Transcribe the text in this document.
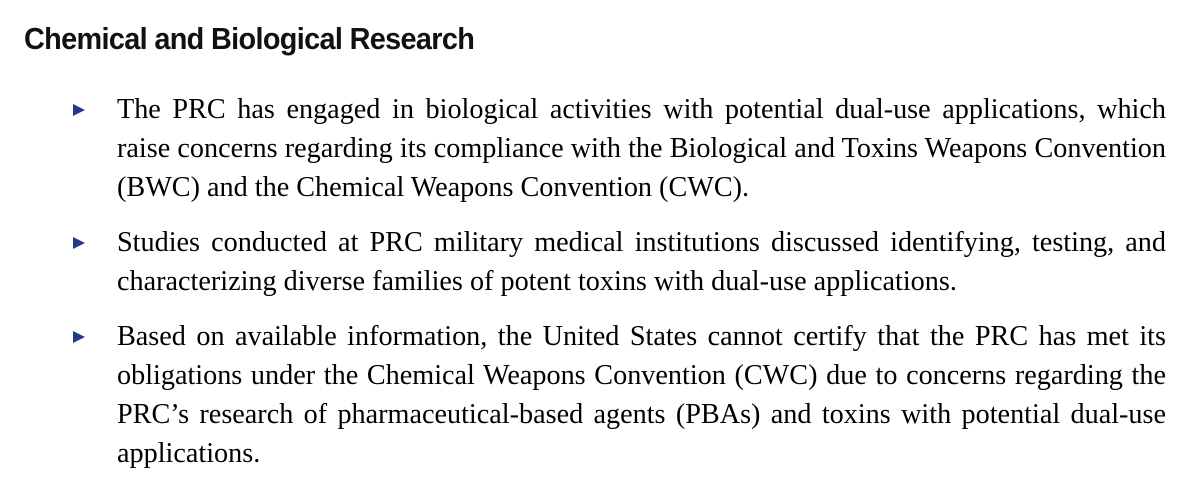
Chemical and Biological Research

The PRC has engaged in biological activities with potential dual-use applications, which raise concerns regarding its compliance with the Biological and Toxins Weapons Convention (BWC) and the Chemical Weapons Convention (CWC).

Studies conducted at PRC military medical institutions discussed identifying, testing, and characterizing diverse families of potent toxins with dual-use applications.

Based on available information, the United States cannot certify that the PRC has met its obligations under the Chemical Weapons Convention (CWC) due to concerns regarding the PRC’s research of pharmaceutical-based agents (PBAs) and toxins with potential dual-use applications.
